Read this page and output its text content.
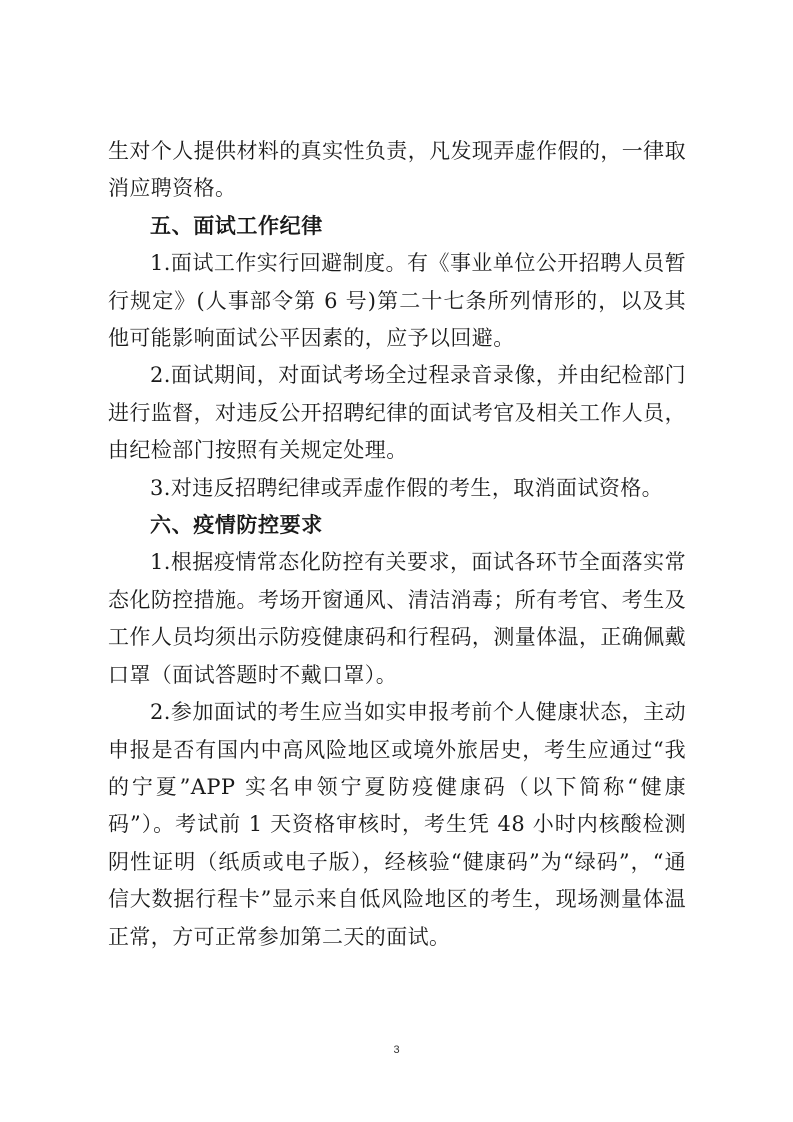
生对个人提供材料的真实性负责，凡发现弄虚作假的，一律取消应聘资格。

五、面试工作纪律

1.面试工作实行回避制度。有《事业单位公开招聘人员暂行规定》(人事部令第 6 号)第二十七条所列情形的，以及其他可能影响面试公平因素的，应予以回避。

2.面试期间，对面试考场全过程录音录像，并由纪检部门进行监督，对违反公开招聘纪律的面试考官及相关工作人员，由纪检部门按照有关规定处理。

3.对违反招聘纪律或弄虚作假的考生，取消面试资格。

六、疫情防控要求

1.根据疫情常态化防控有关要求，面试各环节全面落实常态化防控措施。考场开窗通风、清洁消毒；所有考官、考生及工作人员均须出示防疫健康码和行程码，测量体温，正确佩戴口罩（面试答题时不戴口罩）。

2.参加面试的考生应当如实申报考前个人健康状态，主动申报是否有国内中高风险地区或境外旅居史，考生应通过“我的宁夏”APP 实名申领宁夏防疫健康码（以下简称“健康码”）。考试前 1 天资格审核时，考生凭 48 小时内核酸检测阴性证明（纸质或电子版），经核验“健康码”为“绿码”，“通信大数据行程卡”显示来自低风险地区的考生，现场测量体温正常，方可正常参加第二天的面试。

3
